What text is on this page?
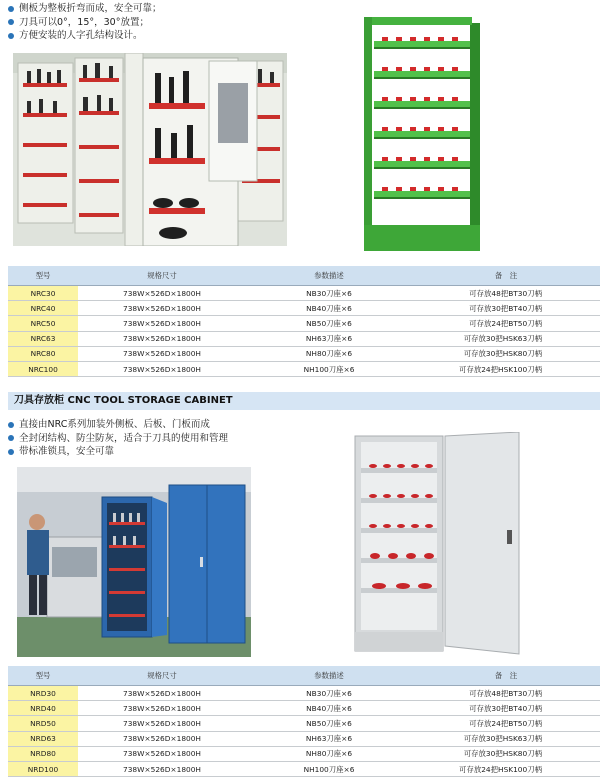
侧板为整板折弯而成，安全可靠；
刀具可以0°，15°，30°放置；
方便安装的人字孔结构设计。
型号	规格尺寸	参数描述	备　注
NRC30	738W×526D×1800H	NB30刀座×6	可存放48把BT30刀柄
NRC40	738W×526D×1800H	NB40刀座×6	可存放30把BT40刀柄
NRC50	738W×526D×1800H	NB50刀座×6	可存放24把BT50刀柄
NRC63	738W×526D×1800H	NH63刀座×6	可存放30把HSK63刀柄
NRC80	738W×526D×1800H	NH80刀座×6	可存放30把HSK80刀柄
NRC100	738W×526D×1800H	NH100刀座×6	可存放24把HSK100刀柄
刀具存放柜 CNC TOOL STORAGE CABINET
直接由NRC系列加装外侧板、后板、门板而成
全封闭结构、防尘防灰，适合于刀具的使用和管理
带标准锁具，安全可靠
型号	规格尺寸	参数描述	备　注
NRD30	738W×526D×1800H	NB30刀座×6	可存放48把BT30刀柄
NRD40	738W×526D×1800H	NB40刀座×6	可存放30把BT40刀柄
NRD50	738W×526D×1800H	NB50刀座×6	可存放24把BT50刀柄
NRD63	738W×526D×1800H	NH63刀座×6	可存放30把HSK63刀柄
NRD80	738W×526D×1800H	NH80刀座×6	可存放30把HSK80刀柄
NRD100	738W×526D×1800H	NH100刀座×6	可存放24把HSK100刀柄
